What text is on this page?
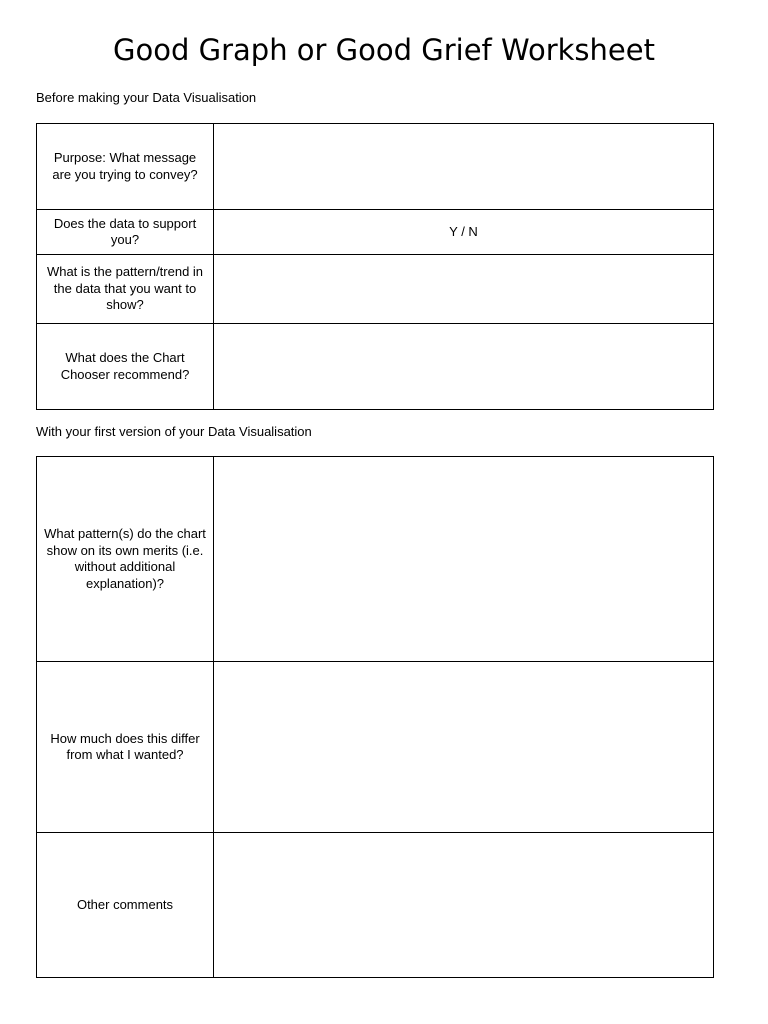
Good Graph or Good Grief Worksheet

Before making your Data Visualisation

Purpose: What message are you trying to convey?	
Does the data to support you?	Y / N
What is the pattern/trend in the data that you want to show?	
What does the Chart Chooser recommend?	

With your first version of your Data Visualisation

What pattern(s) do the chart show on its own merits (i.e. without additional explanation)?	
How much does this differ from what I wanted?	
Other comments	
